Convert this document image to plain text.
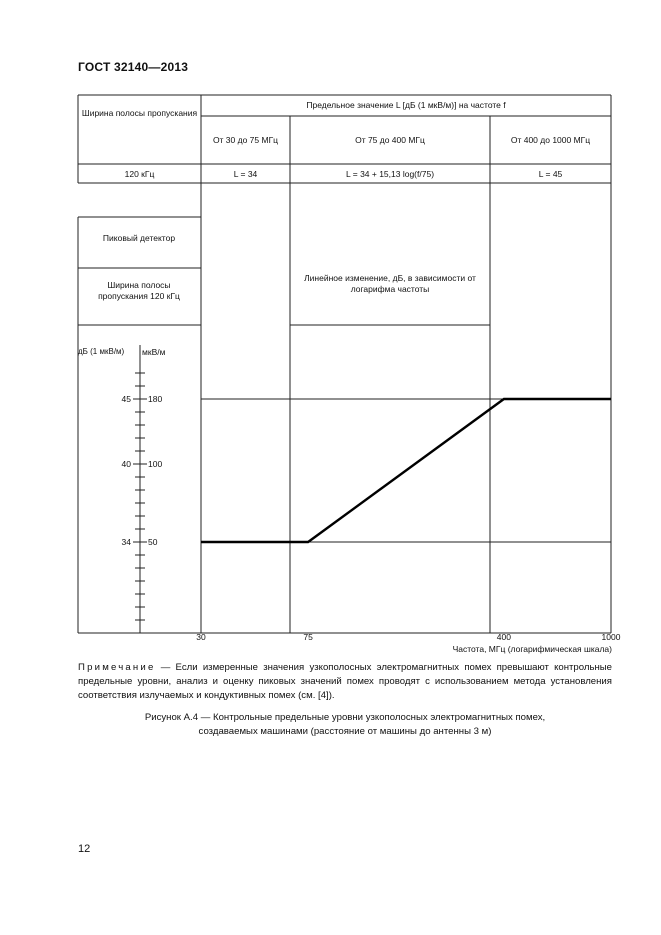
ГОСТ 32140—2013
45 180
40 100
34 50
30	75	400	1000
Ширина полосы пропускания
Предельное значение L [дБ (1 мкВ/м)] на частоте f
От 30 до 75 МГц	От 75 до 400 МГц	От 400 до 1000 МГц
120 кГц	L = 34	L = 34 + 15,13 log(f/75)	L = 45
Пиковый детектор
Ширина полосы пропускания 120 кГц
дБ (1 мкВ/м)	мкВ/м
Линейное изменение, дБ, в зависимости от логарифма частоты
Частота, МГц (логарифмическая шкала)
Примечание — Если измеренные значения узкополосных электромагнитных помех превышают контрольные предельные уровни, анализ и оценку пиковых значений помех проводят с использованием метода установления соответствия излучаемых и кондуктивных помех (см. [4]).
Рисунок А.4 — Контрольные предельные уровни узкополосных электромагнитных помех,
создаваемых машинами (расстояние от машины до антенны 3 м)
12
